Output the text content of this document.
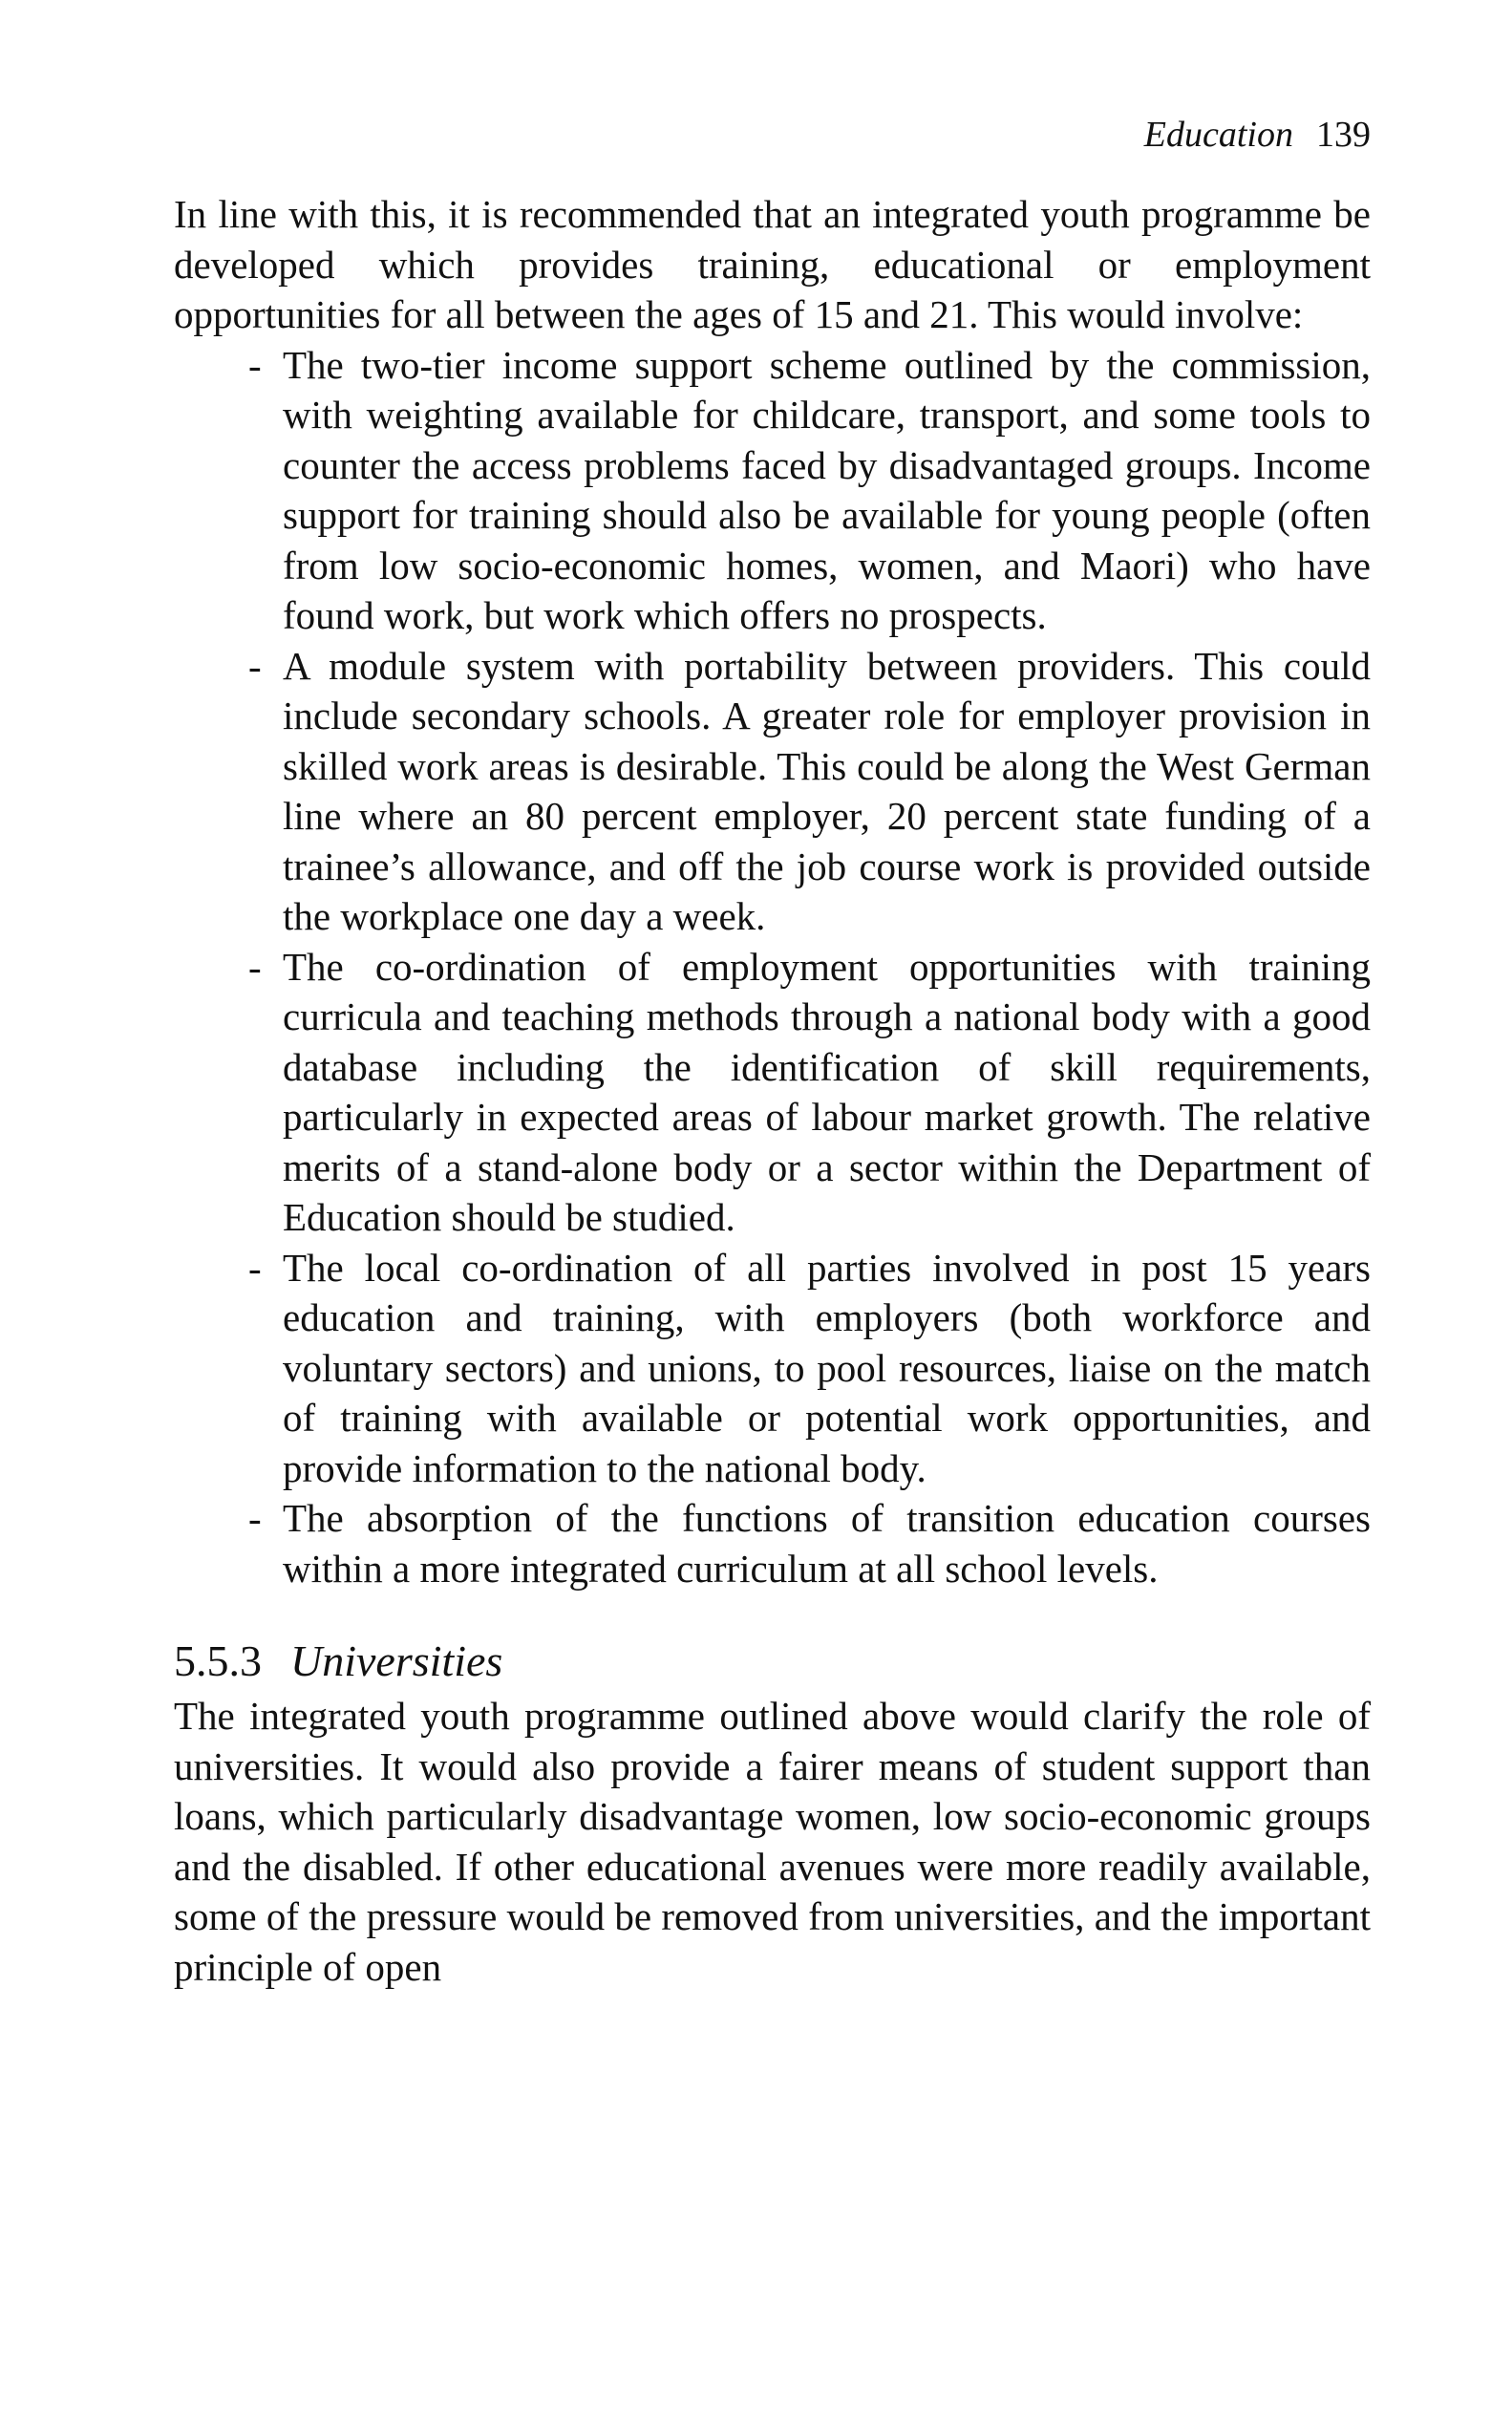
Education 139

In line with this, it is recommended that an integrated youth programme be developed which provides training, educational or employment opportunities for all between the ages of 15 and 21. This would involve:

- The two-tier income support scheme outlined by the commission, with weighting available for childcare, transport, and some tools to counter the access problems faced by disadvantaged groups. Income support for training should also be available for young people (often from low socio-economic homes, women, and Maori) who have found work, but work which offers no prospects.
- A module system with portability between providers. This could include secondary schools. A greater role for employer provision in skilled work areas is desirable. This could be along the West German line where an 80 percent employer, 20 percent state funding of a trainee’s allowance, and off the job course work is provided outside the workplace one day a week.
- The co-ordination of employment opportunities with training curricula and teaching methods through a national body with a good database including the identification of skill requirements, particularly in expected areas of labour market growth. The relative merits of a stand-alone body or a sector within the Department of Education should be studied.
- The local co-ordination of all parties involved in post 15 years education and training, with employers (both workforce and voluntary sectors) and unions, to pool resources, liaise on the match of training with available or potential work opportunities, and provide information to the national body.
- The absorption of the functions of transition education courses within a more integrated curriculum at all school levels.
5.5.3 Universities

The integrated youth programme outlined above would clarify the role of universities. It would also provide a fairer means of student support than loans, which particularly disadvantage women, low socio-economic groups and the disabled. If other educational avenues were more readily available, some of the pressure would be removed from universities, and the important principle of open
